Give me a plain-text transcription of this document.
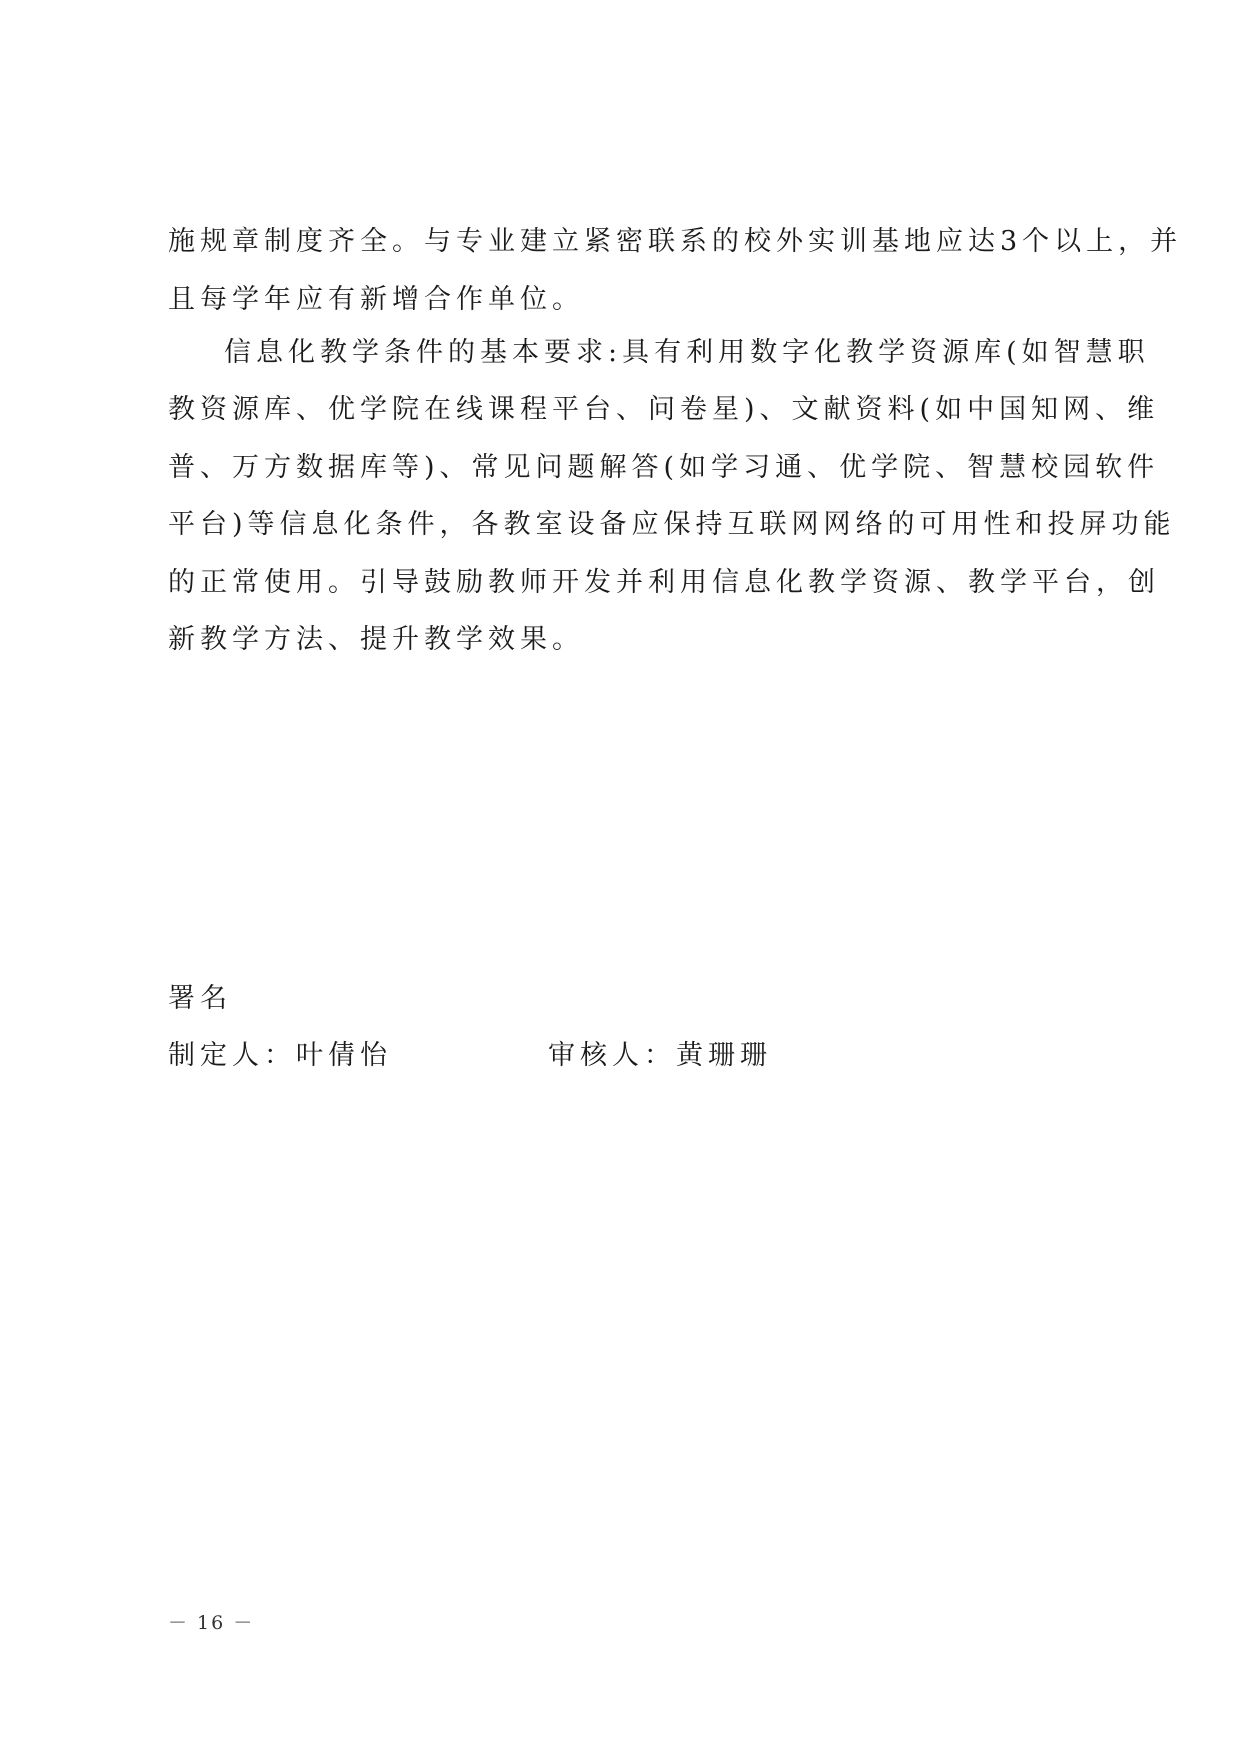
施规章制度齐全。与专业建立紧密联系的校外实训基地应达3个以上，并
且每学年应有新增合作单位。
信息化教学条件的基本要求:具有利用数字化教学资源库(如智慧职
教资源库、优学院在线课程平台、问卷星)、文献资料(如中国知网、维
普、万方数据库等)、常见问题解答(如学习通、优学院、智慧校园软件
平台)等信息化条件，各教室设备应保持互联网网络的可用性和投屏功能
的正常使用。引导鼓励教师开发并利用信息化教学资源、教学平台，创
新教学方法、提升教学效果。
署名
制定人：叶倩怡	审核人：黄珊珊
－ 16 －
